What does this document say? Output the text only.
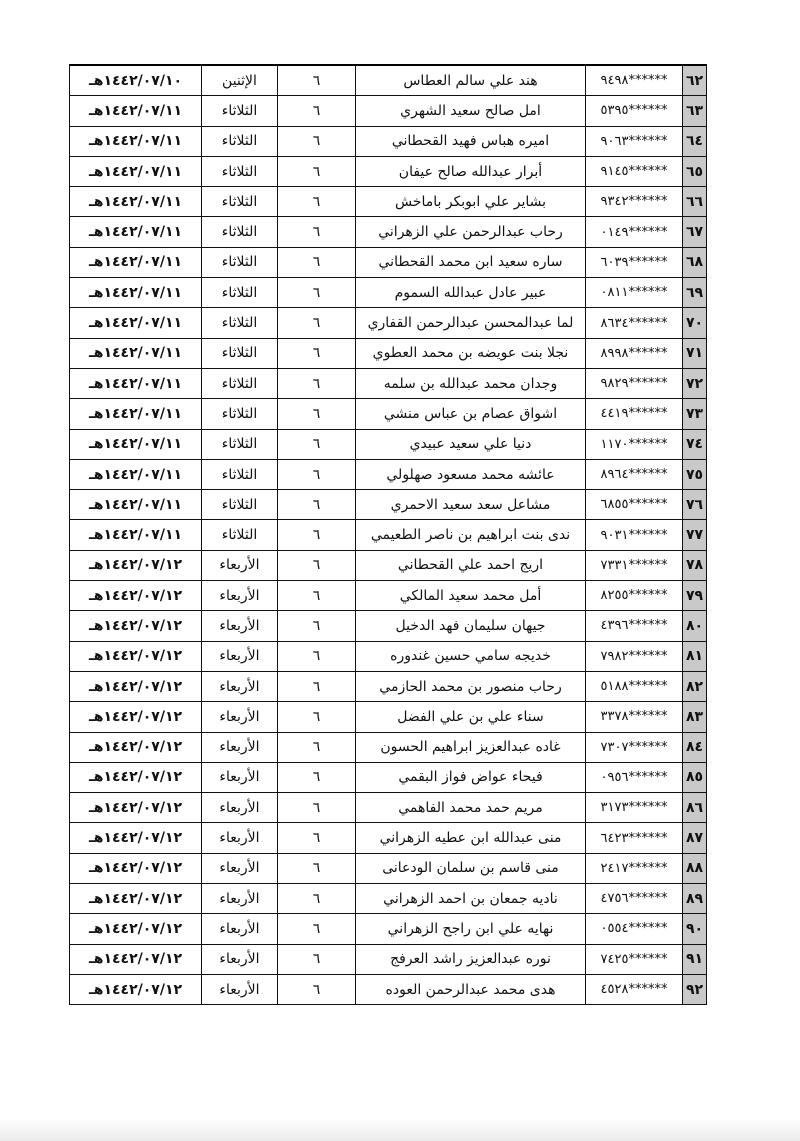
٦٢	٩٤٩٨******	هند علي سالم العطاس	٦	الإثنين	١٤٤٢/٠٧/١٠هـ
٦٣	٥٣٩٥******	امل صالح سعيد الشهري	٦	الثلاثاء	١٤٤٢/٠٧/١١هـ
٦٤	٩٠٦٣******	اميره هباس فهيد القحطاني	٦	الثلاثاء	١٤٤٢/٠٧/١١هـ
٦٥	٩١٤٥******	أبرار عبدالله صالح عيفان	٦	الثلاثاء	١٤٤٢/٠٧/١١هـ
٦٦	٩٣٤٢******	بشاير علي ابوبكر باماخش	٦	الثلاثاء	١٤٤٢/٠٧/١١هـ
٦٧	٠١٤٩******	رحاب عبدالرحمن علي الزهراني	٦	الثلاثاء	١٤٤٢/٠٧/١١هـ
٦٨	٦٠٣٩******	ساره سعيد ابن محمد القحطاني	٦	الثلاثاء	١٤٤٢/٠٧/١١هـ
٦٩	٠٨١١******	عبير عادل عبدالله السموم	٦	الثلاثاء	١٤٤٢/٠٧/١١هـ
٧٠	٨٦٣٤******	لما عبدالمحسن عبدالرحمن القفاري	٦	الثلاثاء	١٤٤٢/٠٧/١١هـ
٧١	٨٩٩٨******	نجلا بنت عويضه بن محمد العطوي	٦	الثلاثاء	١٤٤٢/٠٧/١١هـ
٧٢	٩٨٢٩******	وجدان محمد عبدالله بن سلمه	٦	الثلاثاء	١٤٤٢/٠٧/١١هـ
٧٣	٤٤١٩******	اشواق عصام بن عباس منشي	٦	الثلاثاء	١٤٤٢/٠٧/١١هـ
٧٤	١١٧٠******	دنيا علي سعيد عبيدي	٦	الثلاثاء	١٤٤٢/٠٧/١١هـ
٧٥	٨٩٦٤******	عائشه محمد مسعود صهلولي	٦	الثلاثاء	١٤٤٢/٠٧/١١هـ
٧٦	٦٨٥٥******	مشاعل سعد سعيد الاحمري	٦	الثلاثاء	١٤٤٢/٠٧/١١هـ
٧٧	٩٠٣١******	ندى بنت ابراهيم بن ناصر الطعيمي	٦	الثلاثاء	١٤٤٢/٠٧/١١هـ
٧٨	٧٣٣١******	اريج احمد علي القحطاني	٦	الأربعاء	١٤٤٢/٠٧/١٢هـ
٧٩	٨٢٥٥******	أمل محمد سعيد المالكي	٦	الأربعاء	١٤٤٢/٠٧/١٢هـ
٨٠	٤٣٩٦******	جيهان سليمان فهد الدخيل	٦	الأربعاء	١٤٤٢/٠٧/١٢هـ
٨١	٧٩٨٢******	خديجه سامي حسين غندوره	٦	الأربعاء	١٤٤٢/٠٧/١٢هـ
٨٢	٥١٨٨******	رحاب منصور بن محمد الحازمي	٦	الأربعاء	١٤٤٢/٠٧/١٢هـ
٨٣	٣٣٧٨******	سناء علي بن علي الفضل	٦	الأربعاء	١٤٤٢/٠٧/١٢هـ
٨٤	٧٣٠٧******	غاده عبدالعزيز ابراهيم الحسون	٦	الأربعاء	١٤٤٢/٠٧/١٢هـ
٨٥	٠٩٥٦******	فيحاء عواض فواز البقمي	٦	الأربعاء	١٤٤٢/٠٧/١٢هـ
٨٦	٣١٧٣******	مريم حمد محمد الفاهمي	٦	الأربعاء	١٤٤٢/٠٧/١٢هـ
٨٧	٦٤٢٣******	منى عبدالله ابن عطيه الزهراني	٦	الأربعاء	١٤٤٢/٠٧/١٢هـ
٨٨	٢٤١٧******	منى قاسم بن سلمان الودعانى	٦	الأربعاء	١٤٤٢/٠٧/١٢هـ
٨٩	٤٧٥٦******	ناديه جمعان بن احمد الزهراني	٦	الأربعاء	١٤٤٢/٠٧/١٢هـ
٩٠	٠٥٥٤******	نهايه علي ابن راجح الزهراني	٦	الأربعاء	١٤٤٢/٠٧/١٢هـ
٩١	٧٤٢٥******	نوره عبدالعزيز راشد العرفج	٦	الأربعاء	١٤٤٢/٠٧/١٢هـ
٩٢	٤٥٢٨******	هدى محمد عبدالرحمن العوده	٦	الأربعاء	١٤٤٢/٠٧/١٢هـ
